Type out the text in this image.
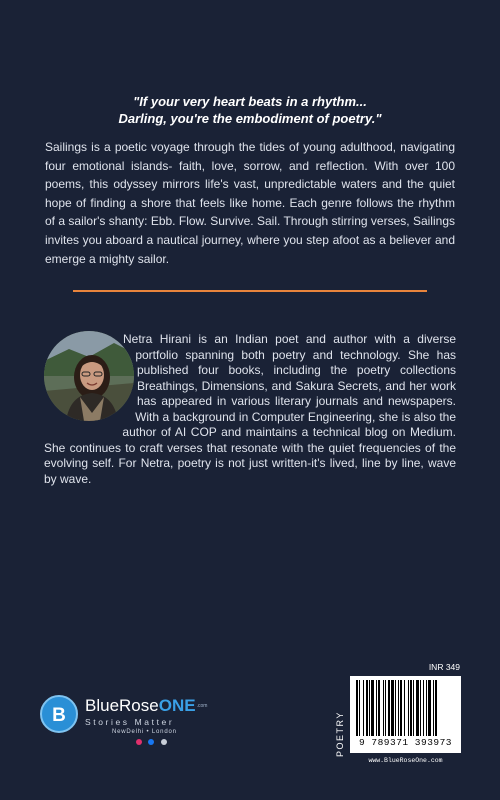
"If your very heart beats in a rhythm...
Darling, you're the embodiment of poetry."
Sailings is a poetic voyage through the tides of young adulthood, navigating four emotional islands- faith, love, sorrow, and reflection. With over 100 poems, this odyssey mirrors life's vast, unpredictable waters and the quiet hope of finding a shore that feels like home. Each genre follows the rhythm of a sailor's shanty: Ebb. Flow. Survive. Sail. Through stirring verses, Sailings invites you aboard a nautical journey, where you step afoot as a believer and emerge a mighty sailor.
Netra Hirani is an Indian poet and author with a diverse portfolio spanning both poetry and technology. She has published four books, including the poetry collections Breathings, Dimensions, and Sakura Secrets, and her work has appeared in various literary journals and newspapers. With a background in Computer Engineering, she is also the author of AI COP and maintains a technical blog on Medium. She continues to craft verses that resonate with the quiet frequencies of the evolving self. For Netra, poetry is not just written-it's lived, line by line, wave by wave.
B BlueRoseONE$^{.com}$
Stories Matter
NewDelhi • London

INR 349
POETRY	9 789371 393973
www.BlueRoseOne.com
